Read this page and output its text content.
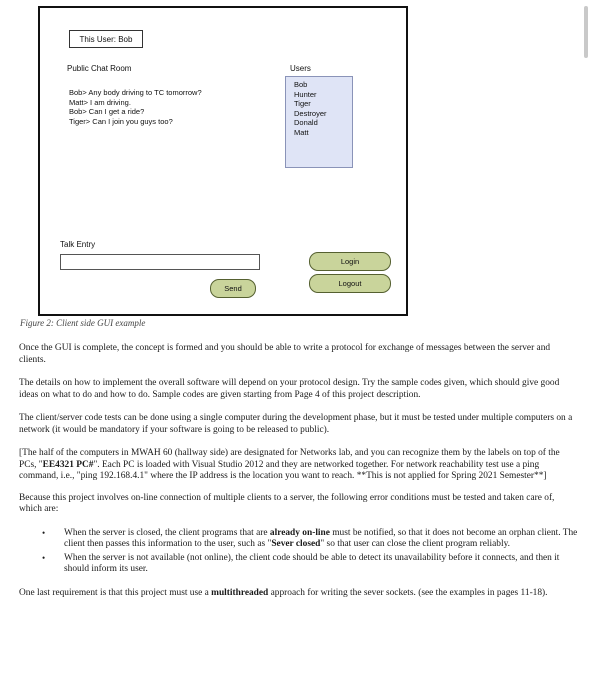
This User: Bob
Public Chat Room	Users
Bob> Any body driving to TC tomorrow?
Matt> I am driving.
Bob> Can I get a ride?
Tiger> Can I join you guys too?
Bob
Hunter
Tiger
Destroyer
Donald
Matt
Talk Entry
Login
Logout
Send
Figure 2: Client side GUI example

Once the GUI is complete, the concept is formed and you should be able to write a protocol for exchange of messages between the server and clients.

The details on how to implement the overall software will depend on your protocol design. Try the sample codes given, which should give good ideas on what to do and how to do. Sample codes are given starting from Page 4 of this project description.

The client/server code tests can be done using a single computer during the development phase, but it must be tested under multiple computers on a network (it would be mandatory if your software is going to be released to public).

[The half of the computers in MWAH 60 (hallway side) are designated for Networks lab, and you can recognize them by the labels on top of the PCs, "EE4321 PC#". Each PC is loaded with Visual Studio 2012 and they are networked together. For network reachability test use a ping command, i.e., "ping 192.168.4.1" where the IP address is the location you want to reach. **This is not applied for Spring 2021 Semester**]

Because this project involves on-line connection of multiple clients to a server, the following error conditions must be tested and taken care of, which are:

• When the server is closed, the client programs that are already on-line must be notified, so that it does not become an orphan client. The client then passes this information to the user, such as "Sever closed" so that user can close the client program reliably.
• When the server is not available (not online), the client code should be able to detect its unavailability before it connects, and then it should inform its user.

One last requirement is that this project must use a multithreaded approach for writing the sever sockets. (see the examples in pages 11-18).
